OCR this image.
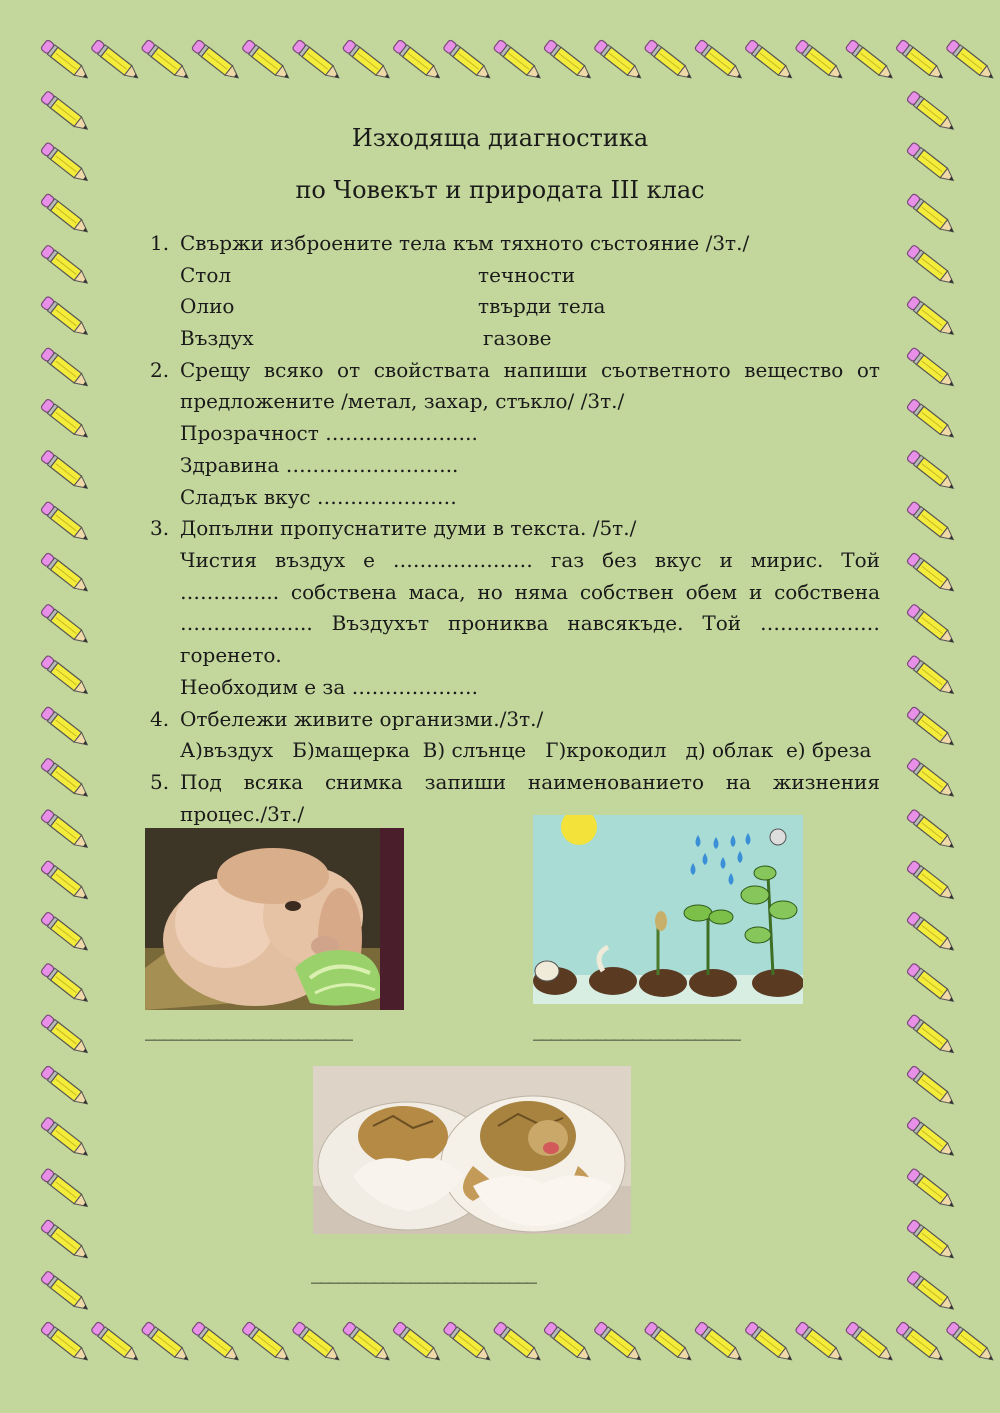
Изходяща диагностика
по Човекът и природата III клас
1. Свържи изброените тела към тяхното състояние /3т./
Стол	течности
Олио	твърди тела
Въздух	газове
2. Срещу всяко от свойствата напиши съответното вещество от предложените /метал, захар, стъкло/ /3т./
Прозрачност …………………..
Здравина ……………………..
Сладък вкус …………………
3. Допълни пропуснатите думи в текста. /5т./
Чистия въздух е ………………… газ без вкус и мирис. Той …………... собствена маса, но няма собствен обем и собствена ……………….. Въздухът прониква навсякъде. Той ……………… горенето.
Необходим е за ……………….
4. Отбележи живите организми./3т./
А)въздух   Б)мащерка  В) слънце   Г)крокодил   д) облак  е) бреза
5. Под всяка снимка запиши наименованието на жизнения процес./3т./
_______________________	_______________________
_________________________
